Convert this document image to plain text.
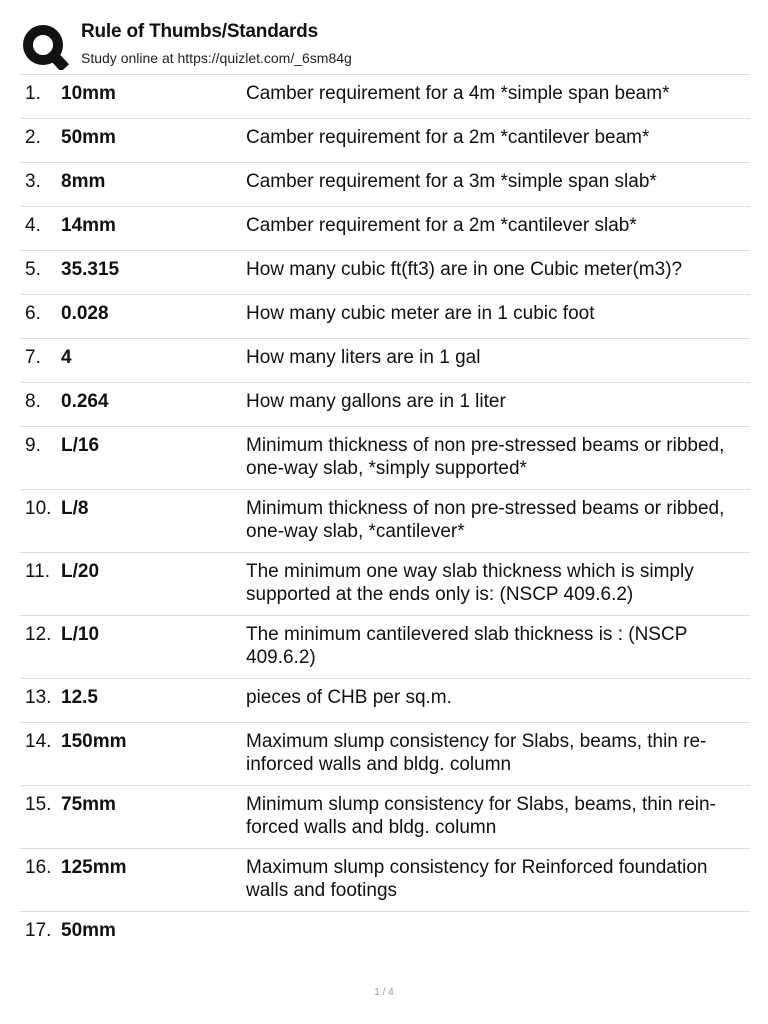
Rule of Thumbs/Standards
Study online at https://quizlet.com/_6sm84g
1.	10mm	Camber requirement for a 4m *simple span beam*
2.	50mm	Camber requirement for a 2m *cantilever beam*
3.	8mm	Camber requirement for a 3m *simple span slab*
4.	14mm	Camber requirement for a 2m *cantilever slab*
5.	35.315	How many cubic ft(ft3) are in one Cubic meter(m3)?
6.	0.028	How many cubic meter are in 1 cubic foot
7.	4	How many liters are in 1 gal
8.	0.264	How many gallons are in 1 liter
9.	L/16	Minimum thickness of non pre-stressed beams or ribbed, one-way slab, *simply supported*
10. L/8	Minimum thickness of non pre-stressed beams or ribbed, one-way slab, *cantilever*
11. L/20	The minimum one way slab thickness which is simply supported at the ends only is: (NSCP 409.6.2)
12. L/10	The minimum cantilevered slab thickness is : (NSCP 409.6.2)
13. 12.5	pieces of CHB per sq.m.
14. 150mm	Maximum slump consistency for Slabs, beams, thin re-inforced walls and bldg. column
15. 75mm	Minimum slump consistency for Slabs, beams, thin rein-forced walls and bldg. column
16. 125mm	Maximum slump consistency for Reinforced foundation walls and footings
17. 50mm
1 / 4
